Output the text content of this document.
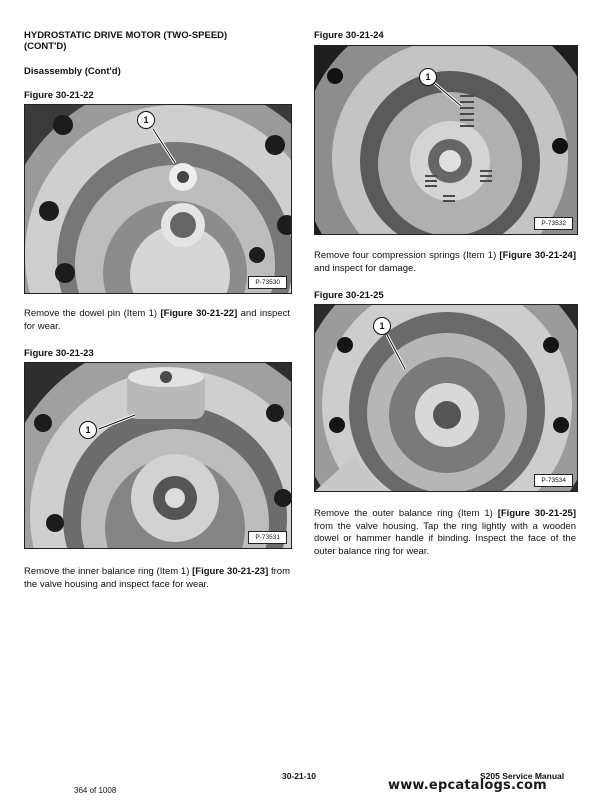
HYDROSTATIC DRIVE MOTOR (TWO-SPEED)
(CONT'D)
Disassembly (Cont'd)
Figure 30-21-22
1
P-73530
Remove the dowel pin (Item 1) [Figure 30-21-22] and inspect for wear.
Figure 30-21-23
1
P-73531
Remove the inner balance ring (Item 1) [Figure 30-21-23] from the valve housing and inspect face for wear.
Figure 30-21-24
1
P-73532
Remove four compression springs (Item 1) [Figure 30-21-24] and inspect for damage.
Figure 30-21-25
1
P-73534
Remove the outer balance ring (Item 1) [Figure 30-21-25] from the valve housing. Tap the ring lightly with a wooden dowel or hammer handle if binding. Inspect the face of the outer balance ring for wear.
364 of 1008
30-21-10	S205 Service Manual
www.epcatalogs.com
